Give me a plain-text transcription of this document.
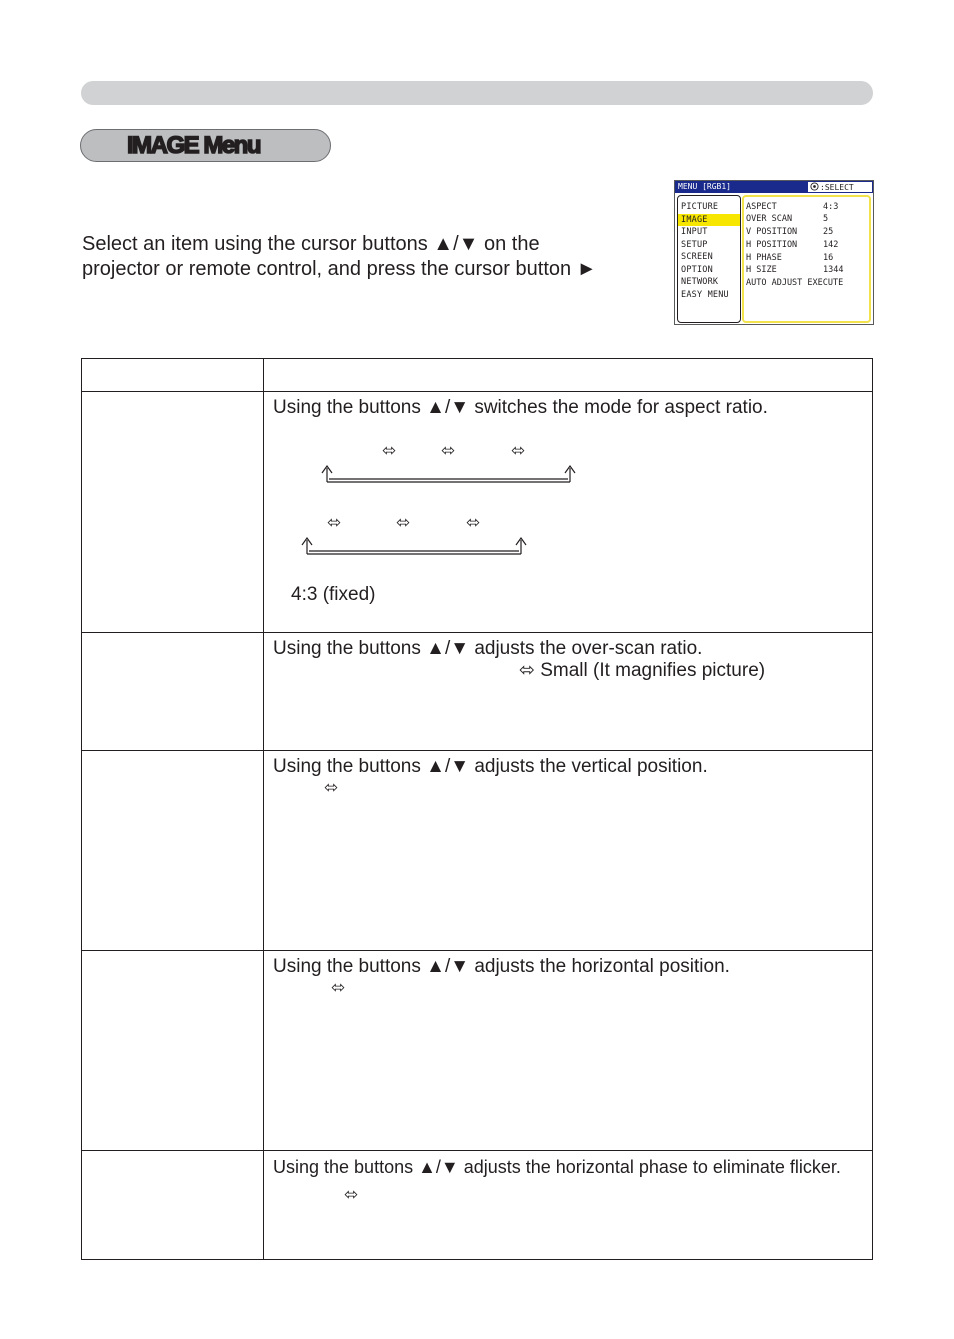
IMAGE Menu
Select an item using the cursor buttons ▲/▼ on the
projector or remote control, and press the cursor button ►
MENU [RGB1]	:SELECT
PICTURE
IMAGE
INPUT
SETUP
SCREEN
OPTION
NETWORK
EASY MENU
ASPECT	4:3
OVER SCAN	5
V POSITION	25
H POSITION	142
H PHASE	16
H SIZE	1344
AUTO ADJUST EXECUTE
Using the buttons ▲/▼ switches the mode for aspect ratio.
⬄	⬄	⬄
⬄	⬄	⬄
4:3 (fixed)
Using the buttons ▲/▼ adjusts the over-scan ratio.
⬄ Small (It magnifies picture)
Using the buttons ▲/▼ adjusts the vertical position.
⬄
Using the buttons ▲/▼ adjusts the horizontal position.
⬄
Using the buttons ▲/▼ adjusts the horizontal phase to eliminate flicker.
⬄
